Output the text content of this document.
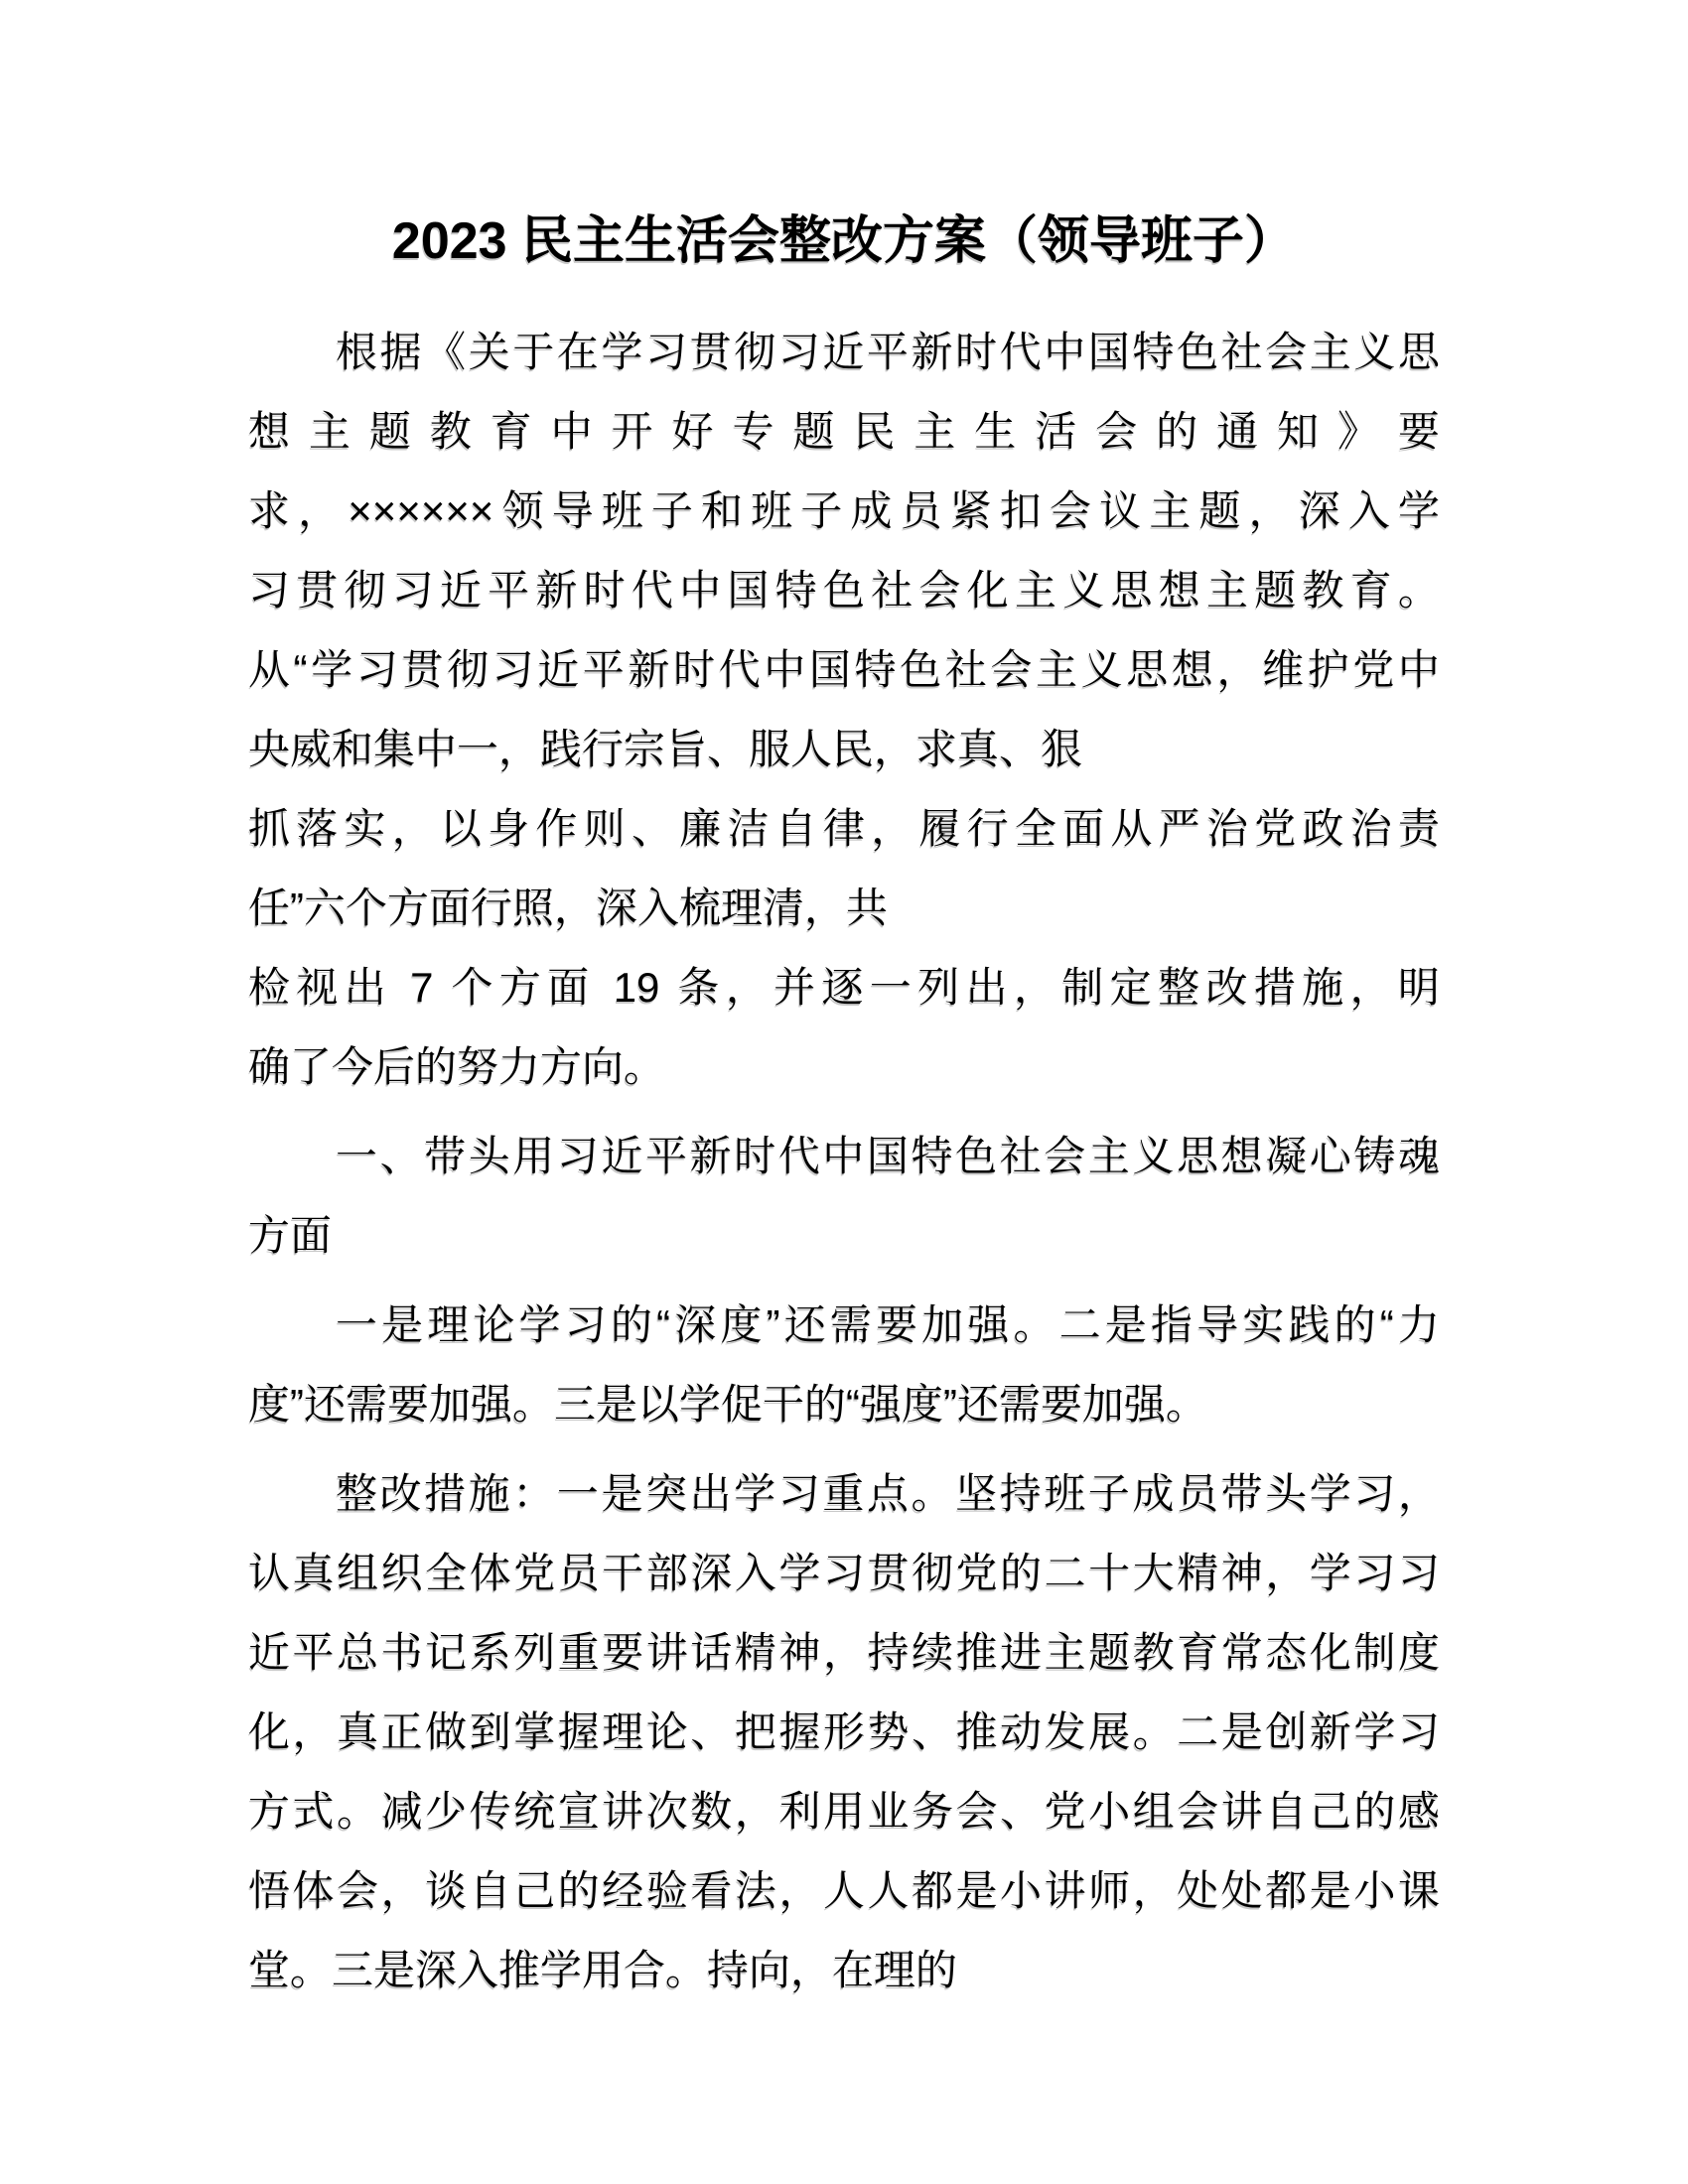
2023 民主生活会整改方案（领导班子）
根据《关于在学习贯彻习近平新时代中国特色社会主义思
想主题教育中开好专题民主生活会的通知》要
求，××××××领导班子和班子成员紧扣会议主题，深入学
习贯彻习近平新时代中国特色社会化主义思想主题教育。
从“学习贯彻习近平新时代中国特色社会主义思想，维护党中
央威和集中一，践行宗旨、服人民，求真、狠
抓落实，以身作则、廉洁自律，履行全面从严治党政治责
任”六个方面行照，深入梳理清，共
检视出 7 个方面 19 条，并逐一列出，制定整改措施，明
确了今后的努力方向。
一、带头用习近平新时代中国特色社会主义思想凝心铸魂
方面
一是理论学习的“深度”还需要加强。二是指导实践的“力
度”还需要加强。三是以学促干的“强度”还需要加强。
整改措施：一是突出学习重点。坚持班子成员带头学习，
认真组织全体党员干部深入学习贯彻党的二十大精神，学习习
近平总书记系列重要讲话精神，持续推进主题教育常态化制度
化，真正做到掌握理论、把握形势、推动发展。二是创新学习
方式。减少传统宣讲次数，利用业务会、党小组会讲自己的感
悟体会，谈自己的经验看法，人人都是小讲师，处处都是小课
堂。三是深入推学用合。持向，在理的
